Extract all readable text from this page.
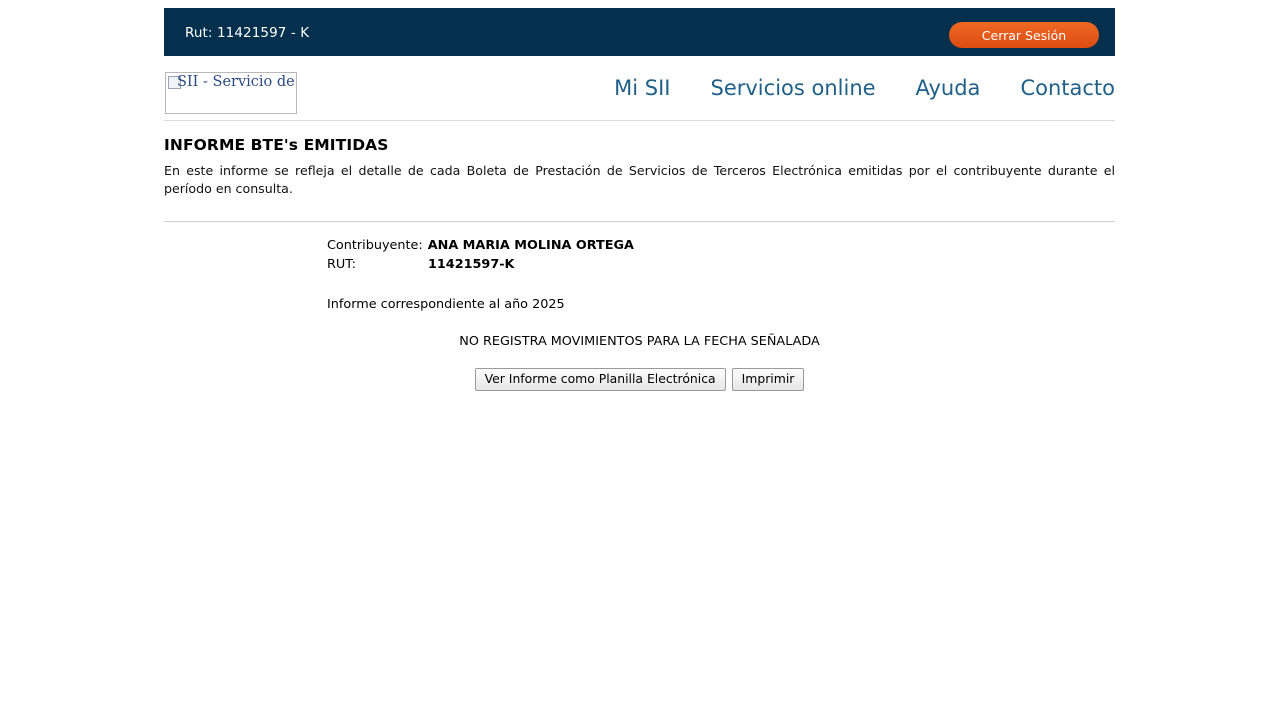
Rut: 11421597 - K	Cerrar Sesión
SII - Servicio de	Mi SII Servicios online Ayuda Contacto
INFORME BTE's EMITIDAS

En este informe se refleja el detalle de cada Boleta de Prestación de Servicios de Terceros Electrónica emitidas por el contribuyente durante el período en consulta.

Contribuyente: ANA MARIA MOLINA ORTEGA
RUT:	11421597-K
Informe correspondiente al año 2025
NO REGISTRA MOVIMIENTOS PARA LA FECHA SEÑALADA
Ver Informe como Planilla Electrónica	Imprimir
